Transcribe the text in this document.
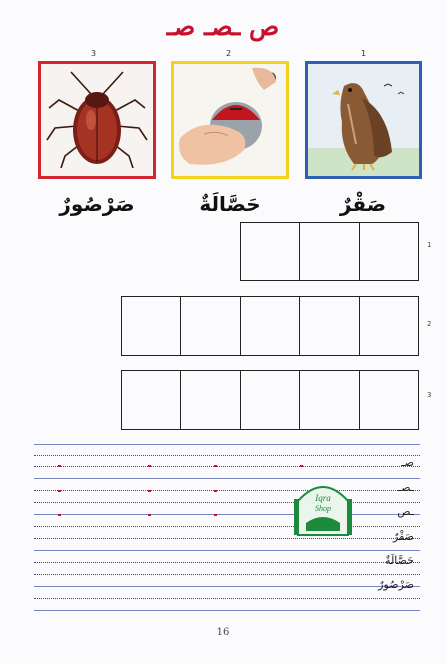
ص ـصـ صـ
3	2	1
صَرْصُورٌ	حَصَّالَةٌ	صَقْرٌ
1
2
3
صـ
ـصـ
ـص
صَقْرٌ
حَصَّالَةٌ
صَرْصُورٌ
Iqra
Shop
16
